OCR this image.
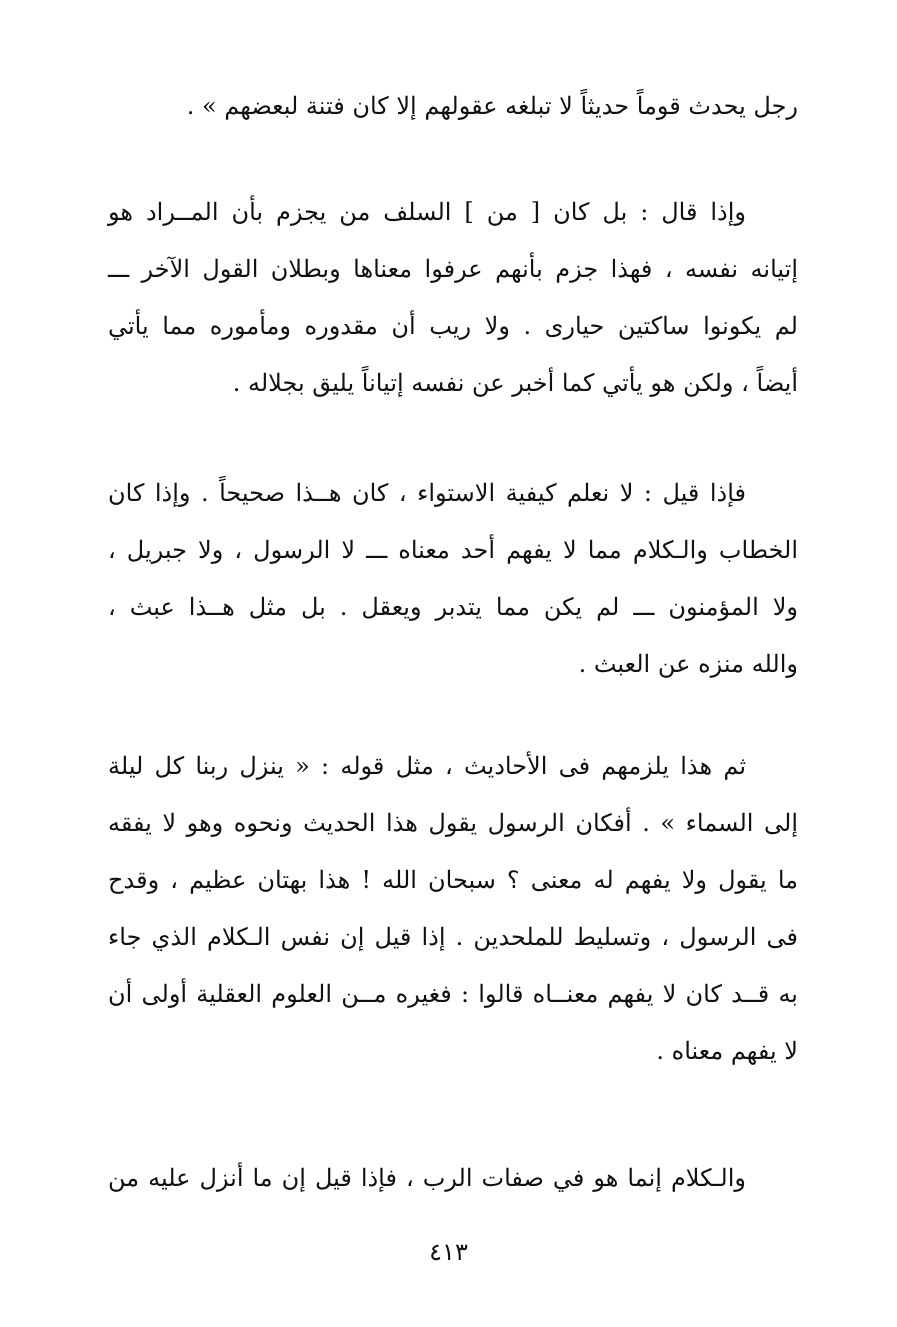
رجل يحدث قوماً حديثاً لا تبلغه عقولهم إلا كان فتنة لبعضهم » .
وإذا قال : بل كان [ من ] السلف من يجزم بأن المــراد هو
إتيانه نفسه ، فهذا جزم بأنهم عرفوا معناها وبطلان القول الآخر ـــ
لم يكونوا ساكتين حيارى . ولا ريب أن مقدوره ومأموره مما يأتي
أيضاً ، ولكن هو يأتي كما أخبر عن نفسه إتياناً يليق بجلاله .
فإذا قيل : لا نعلم كيفية الاستواء ، كان هــذا صحيحاً . وإذا كان
الخطاب والـكلام مما لا يفهم أحد معناه ـــ لا الرسول ، ولا جبريل ،
ولا المؤمنون ـــ لم يكن مما يتدبر ويعقل . بل مثل هــذا عبث ،
والله منزه عن العبث .
ثم هذا يلزمهم فى الأحاديث ، مثل قوله : « ينزل ربنا كل ليلة
إلى السماء » . أفكان الرسول يقول هذا الحديث ونحوه وهو لا يفقه
ما يقول ولا يفهم له معنى ؟ سبحان الله ! هذا بهتان عظيم ، وقدح
فى الرسول ، وتسليط للملحدين . إذا قيل إن نفس الـكلام الذي جاء
به قــد كان لا يفهم معنــاه قالوا : فغيره مــن العلوم العقلية أولى أن
لا يفهم معناه .
والـكلام إنما هو في صفات الرب ، فإذا قيل إن ما أنزل عليه من
٤١٣
